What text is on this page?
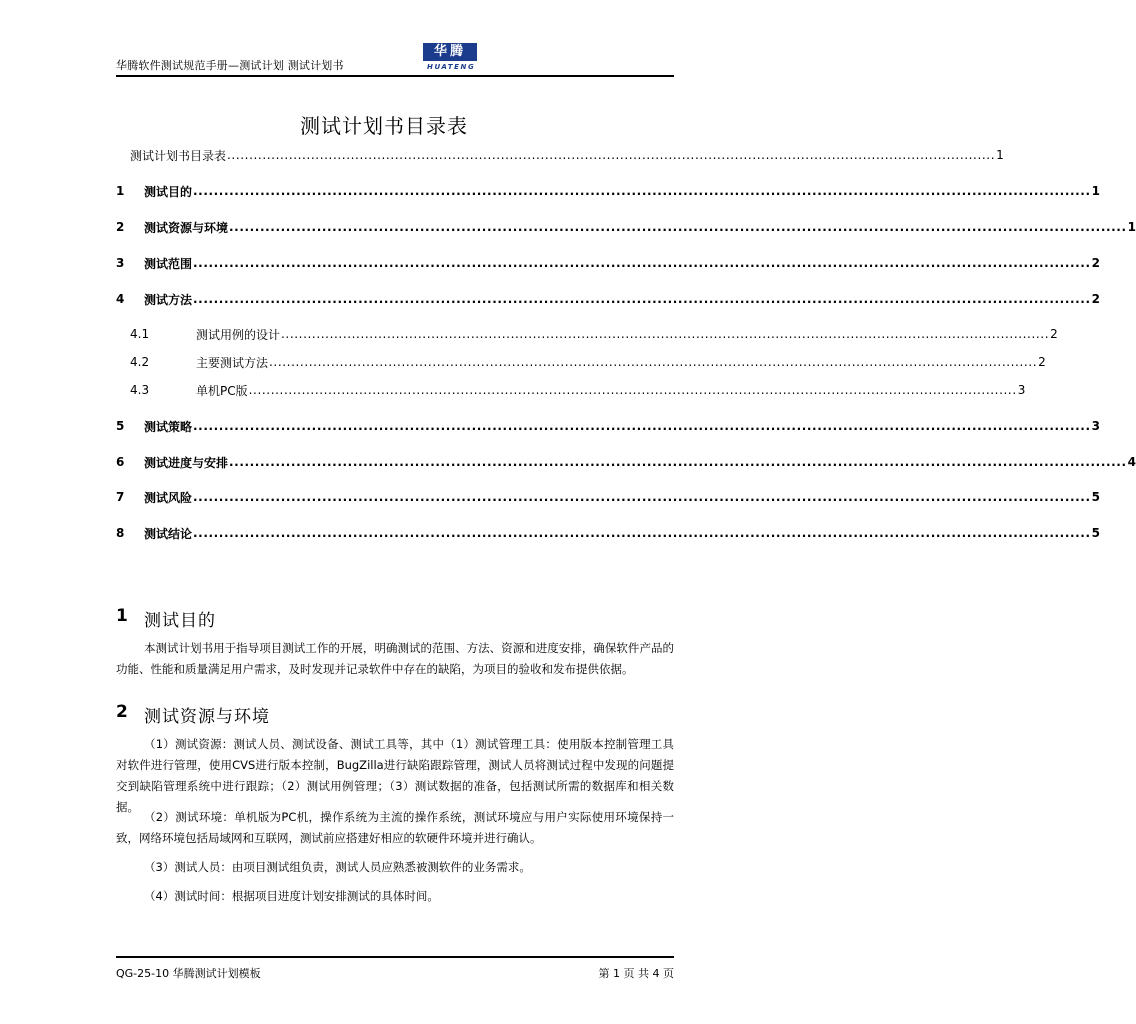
华腾软件测试规范手册—测试计划 测试计划书
华腾
HUATENG
测试计划书目录表
测试计划书目录表 .............................................................................................................................................................................. 1
1	测试目的 .............................................................................................................................................................................. 1
2	测试资源与环境 .............................................................................................................................................................................. 1
3	测试范围 .............................................................................................................................................................................. 2
4	测试方法 .............................................................................................................................................................................. 2
4.1	测试用例的设计 .............................................................................................................................................................................. 2
4.2	主要测试方法 .............................................................................................................................................................................. 2
4.3	单机PC版 .............................................................................................................................................................................. 3
5	测试策略 .............................................................................................................................................................................. 3
6	测试进度与安排 .............................................................................................................................................................................. 4
7	测试风险 .............................................................................................................................................................................. 5
8	测试结论 .............................................................................................................................................................................. 5
1 测试目的
本测试计划书用于指导项目测试工作的开展，明确测试的范围、方法、资源和进度安排，确保软件产品的功能、性能和质量满足用户需求，及时发现并记录软件中存在的缺陷，为项目的验收和发布提供依据。
2 测试资源与环境
（1）测试资源：测试人员、测试设备、测试工具等，其中（1）测试管理工具：使用版本控制管理工具对软件进行管理，使用CVS进行版本控制，BugZilla进行缺陷跟踪管理，测试人员将测试过程中发现的问题提交到缺陷管理系统中进行跟踪；（2）测试用例管理；（3）测试数据的准备，包括测试所需的数据库和相关数据。
（2）测试环境：单机版为PC机，操作系统为主流的操作系统，测试环境应与用户实际使用环境保持一致，网络环境包括局域网和互联网，测试前应搭建好相应的软硬件环境并进行确认。
（3）测试人员：由项目测试组负责，测试人员应熟悉被测软件的业务需求。
（4）测试时间：根据项目进度计划安排测试的具体时间。
QG-25-10 华腾测试计划模板	第 1 页 共 4 页
